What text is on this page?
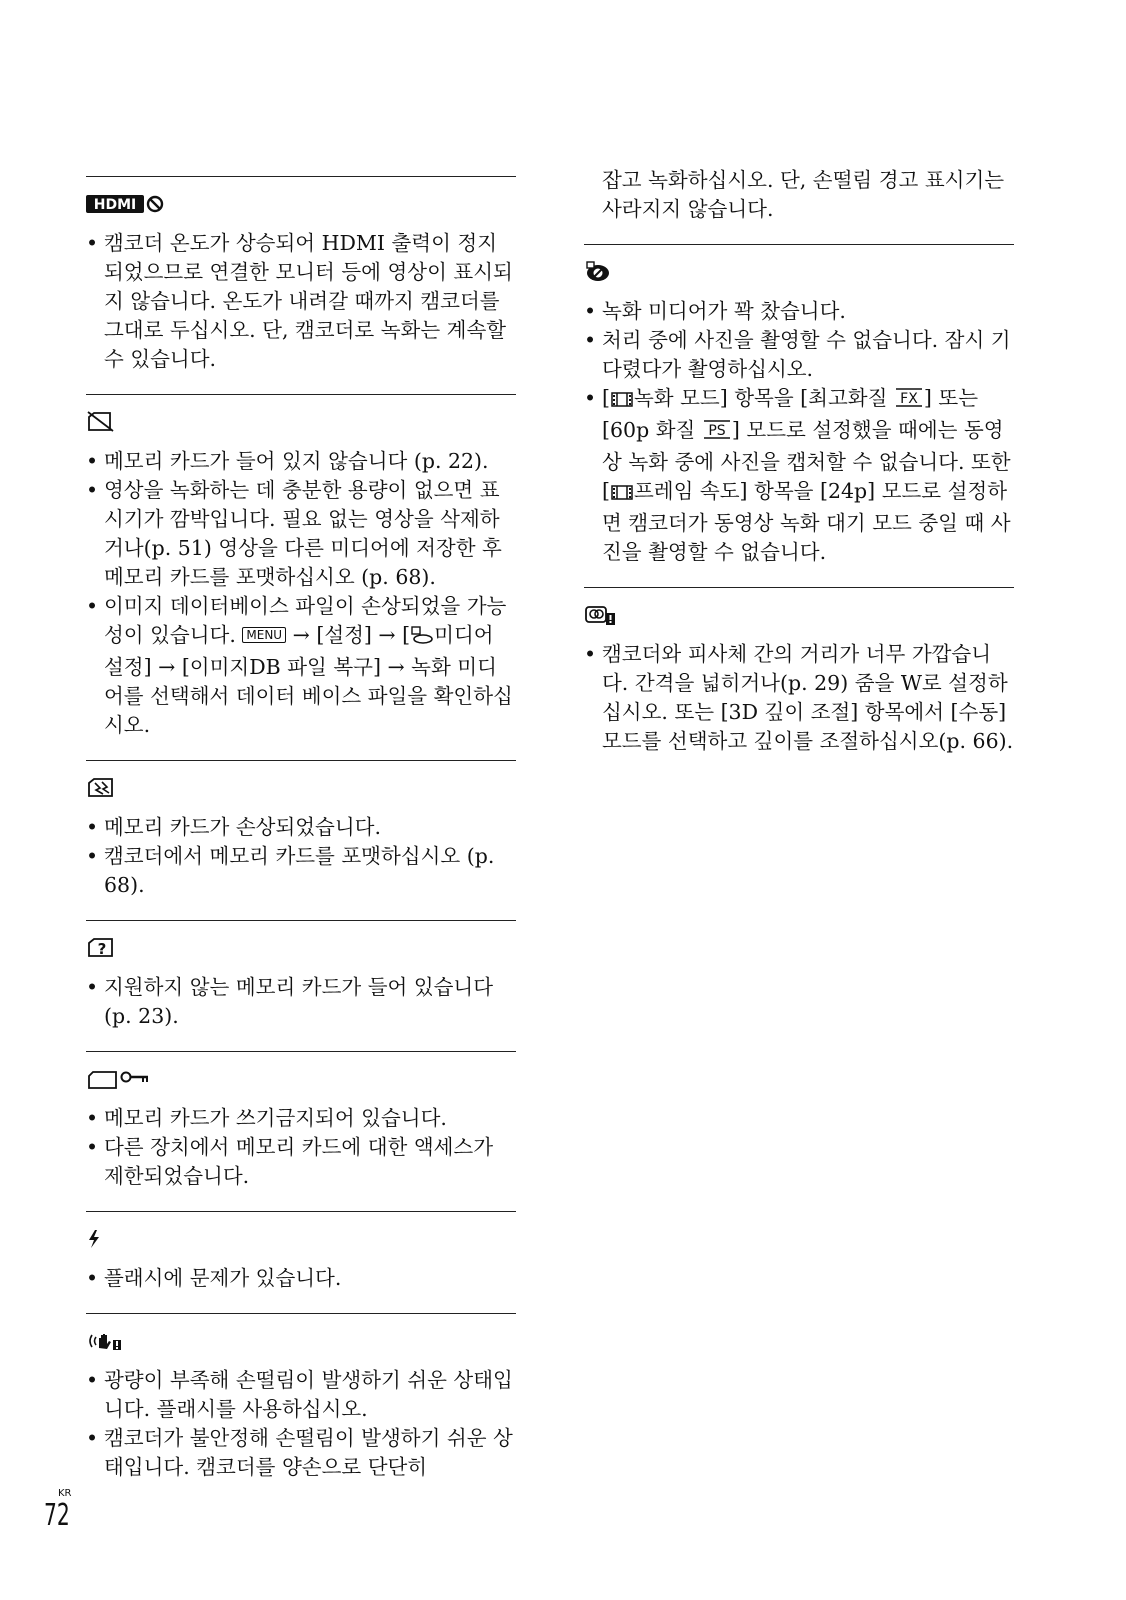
HDMI
• 캠코더 온도가 상승되어 HDMI 출력이 정지되었으므로 연결한 모니터 등에 영상이 표시되지 않습니다. 온도가 내려갈 때까지 캠코더를 그대로 두십시오. 단, 캠코더로 녹화는 계속할 수 있습니다.
• 메모리 카드가 들어 있지 않습니다 (p. 22).
• 영상을 녹화하는 데 충분한 용량이 없으면 표시기가 깜박입니다. 필요 없는 영상을 삭제하거나(p. 51) 영상을 다른 미디어에 저장한 후 메모리 카드를 포맷하십시오 (p. 68).
• 이미지 데이터베이스 파일이 손상되었을 가능성이 있습니다. MENU → [설정] → [ 미디어 설정] → [이미지DB 파일 복구] → 녹화 미디어를 선택해서 데이터 베이스 파일을 확인하십시오.
• 메모리 카드가 손상되었습니다.
• 캠코더에서 메모리 카드를 포맷하십시오 (p. 68).
?
• 지원하지 않는 메모리 카드가 들어 있습니다(p. 23).
• 메모리 카드가 쓰기금지되어 있습니다.
• 다른 장치에서 메모리 카드에 대한 액세스가 제한되었습니다.
• 플래시에 문제가 있습니다.
• 광량이 부족해 손떨림이 발생하기 쉬운 상태입니다. 플래시를 사용하십시오.
• 캠코더가 불안정해 손떨림이 발생하기 쉬운 상태입니다. 캠코더를 양손으로 단단히

잡고 녹화하십시오. 단, 손떨림 경고 표시기는 사라지지 않습니다.

• 녹화 미디어가 꽉 찼습니다.
• 처리 중에 사진을 촬영할 수 없습니다. 잠시 기다렸다가 촬영하십시오.
• [ 녹화 모드] 항목을 [최고화질 FX ] 또는 [60p 화질 PS ] 모드로 설정했을 때에는 동영상 녹화 중에 사진을 캡처할 수 없습니다. 또한 [ 프레임 속도] 항목을 [24p] 모드로 설정하면 캠코더가 동영상 녹화 대기 모드 중일 때 사진을 촬영할 수 없습니다.
• 캠코더와 피사체 간의 거리가 너무 가깝습니다. 간격을 넓히거나(p. 29) 줌을 W로 설정하십시오. 또는 [3D 깊이 조절] 항목에서 [수동] 모드를 선택하고 깊이를 조절하십시오(p. 66).
KR
72
